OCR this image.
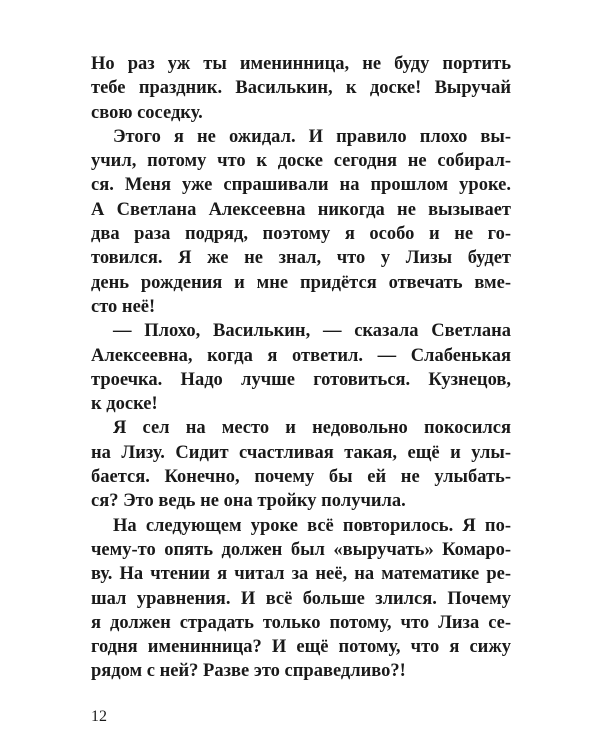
Но раз уж ты именинница, не буду портить
тебе праздник. Василькин, к доске! Выручай
свою соседку.
Этого я не ожидал. И правило плохо вы-
учил, потому что к доске сегодня не собирал-
ся. Меня уже спрашивали на прошлом уроке.
А Светлана Алексеевна никогда не вызывает
два раза подряд, поэтому я особо и не го-
товился. Я же не знал, что у Лизы будет
день рождения и мне придётся отвечать вме-
сто неё!
— Плохо, Василькин, — сказала Светлана
Алексеевна, когда я ответил. — Слабенькая
троечка. Надо лучше готовиться. Кузнецов,
к доске!
Я сел на место и недовольно покосился
на Лизу. Сидит счастливая такая, ещё и улы-
бается. Конечно, почему бы ей не улыбать-
ся? Это ведь не она тройку получила.
На следующем уроке всё повторилось. Я по-
чему-то опять должен был «выручать» Комаро-
ву. На чтении я читал за неё, на математике ре-
шал уравнения. И всё больше злился. Почему
я должен страдать только потому, что Лиза се-
годня именинница? И ещё потому, что я сижу
рядом с ней? Разве это справедливо?!
12
